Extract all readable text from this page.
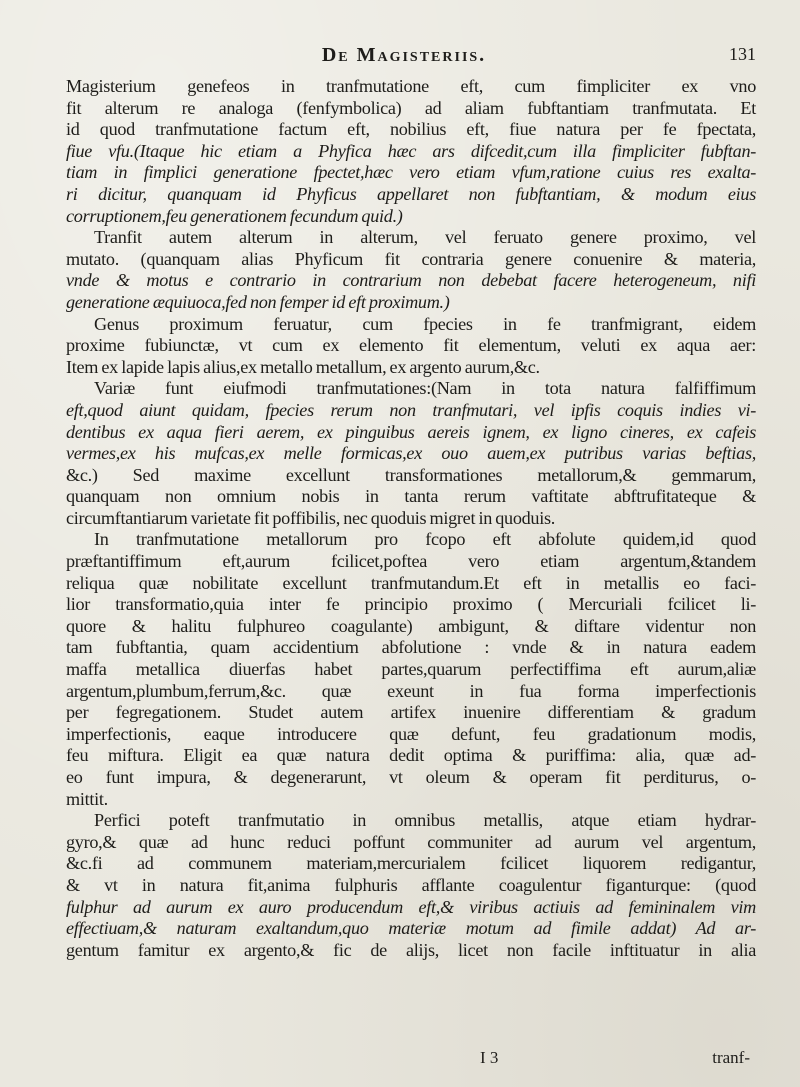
De Magisteriis.	131
Magisterium genefeos in tranfmutatione eft, cum fimpliciter ex vno
fit alterum re analoga (fenfymbolica) ad aliam fubftantiam tranfmutata. Et
id quod tranfmutatione factum eft, nobilius eft, fiue natura per fe fpectata,
fiue vfu.(Itaque hic etiam a Phyfica hæc ars difcedit,cum illa fimpliciter fubftan-
tiam in fimplici generatione fpectet,hæc vero etiam vfum,ratione cuius res exalta-
ri dicitur, quanquam id Phyficus appellaret non fubftantiam, & modum eius
corruptionem,feu generationem fecundum quid.)
Tranfit autem alterum in alterum, vel feruato genere proximo, vel
mutato. (quanquam alias Phyficum fit contraria genere conuenire & materia,
vnde & motus e contrario in contrarium non debebat facere heterogeneum, nifi
generatione æquiuoca,fed non femper id eft proximum.)
Genus proximum feruatur, cum fpecies in fe tranfmigrant, eidem
proxime fubiunctæ, vt cum ex elemento fit elementum, veluti ex aqua aer:
Item ex lapide lapis alius,ex metallo metallum, ex argento aurum,&c.
Variæ funt eiufmodi tranfmutationes:(Nam in tota natura falfiffimum
eft,quod aiunt quidam, fpecies rerum non tranfmutari, vel ipfis coquis indies vi-
dentibus ex aqua fieri aerem, ex pinguibus aereis ignem, ex ligno cineres, ex cafeis
vermes,ex his mufcas,ex melle formicas,ex ouo auem,ex putribus varias beftias,
&c.) Sed maxime excellunt transformationes metallorum,& gemmarum,
quanquam non omnium nobis in tanta rerum vaftitate abftrufitateque &
circumftantiarum varietate fit poffibilis, nec quoduis migret in quoduis.
In tranfmutatione metallorum pro fcopo eft abfolute quidem,id quod
præftantiffimum eft,aurum fcilicet,poftea vero etiam argentum,&tandem
reliqua quæ nobilitate excellunt tranfmutandum.Et eft in metallis eo faci-
lior transformatio,quia inter fe principio proximo ( Mercuriali fcilicet li-
quore & halitu fulphureo coagulante) ambigunt, & diftare videntur non
tam fubftantia, quam accidentium abfolutione : vnde & in natura eadem
maffa metallica diuerfas habet partes,quarum perfectiffima eft aurum,aliæ
argentum,plumbum,ferrum,&c. quæ exeunt in fua forma imperfectionis
per fegregationem. Studet autem artifex inuenire differentiam & gradum
imperfectionis, eaque introducere quæ defunt, feu gradationum modis,
feu miftura. Eligit ea quæ natura dedit optima & puriffima: alia, quæ ad-
eo funt impura, & degenerarunt, vt oleum & operam fit perditurus, o-
mittit.
Perfici poteft tranfmutatio in omnibus metallis, atque etiam hydrar-
gyro,& quæ ad hunc reduci poffunt communiter ad aurum vel argentum,
&c.fi ad communem materiam,mercurialem fcilicet liquorem redigantur,
& vt in natura fit,anima fulphuris afflante coagulentur figanturque: (quod
fulphur ad aurum ex auro producendum eft,& viribus actiuis ad femininalem vim
effectiuam,& naturam exaltandum,quo materiæ motum ad fimile addat) Ad ar-
gentum famitur ex argento,& fic de alijs, licet non facile inftituatur in alia
I 3	tranf-
